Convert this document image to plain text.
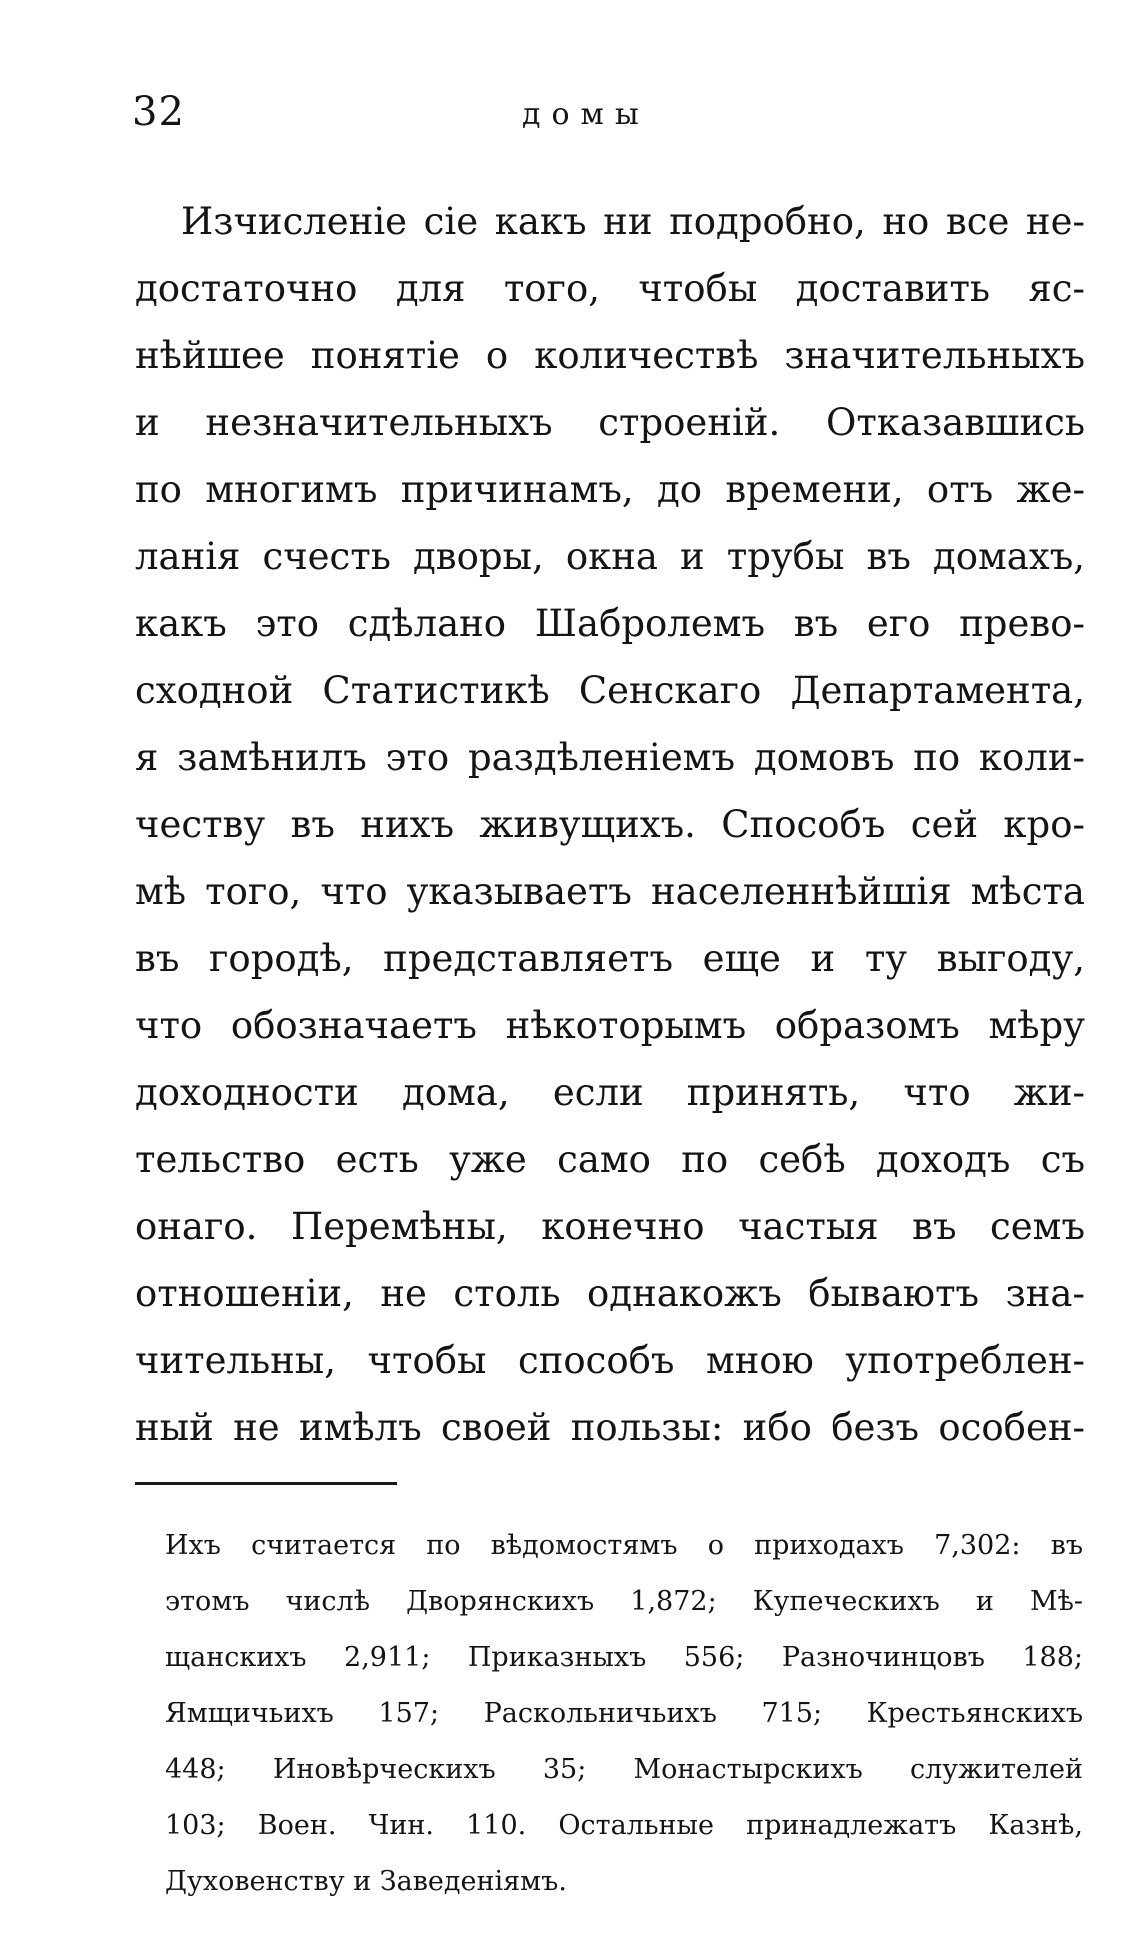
32	домы
Изчисленіе сіе какъ ни подробно, но все не-
достаточно для того, чтобы доставить яс-
нѣйшее понятіе о количествѣ значительныхъ
и незначительныхъ строеній. Отказавшись
по многимъ причинамъ, до времени, отъ же-
ланія счесть дворы, окна и трубы въ домахъ,
какъ это сдѣлано Шабролемъ въ его прево-
сходной Статистикѣ Сенскаго Департамента,
я замѣнилъ это раздѣленіемъ домовъ по коли-
честву въ нихъ живущихъ. Способъ сей кро-
мѣ того, что указываетъ населеннѣйшія мѣста
въ городѣ, представляетъ еще и ту выгоду,
что обозначаетъ нѣкоторымъ образомъ мѣру
доходности дома, если принять, что жи-
тельство есть уже само по себѣ доходъ съ
онаго. Перемѣны, конечно частыя въ семъ
отношеніи, не столь однакожъ бываютъ зна-
чительны, чтобы способъ мною употреблен-
ный не имѣлъ своей пользы: ибо безъ особен-
Ихъ считается по вѣдомостямъ о приходахъ 7,302: въ
этомъ числѣ Дворянскихъ 1,872; Купеческихъ и Мѣ-
щанскихъ 2,911; Приказныхъ 556; Разночинцовъ 188;
Ямщичьихъ 157; Раскольничьихъ 715; Крестьянскихъ
448; Иновѣрческихъ 35; Монастырскихъ служителей
103; Воен. Чин. 110. Остальные принадлежатъ Казнѣ,
Духовенству и Заведеніямъ.
